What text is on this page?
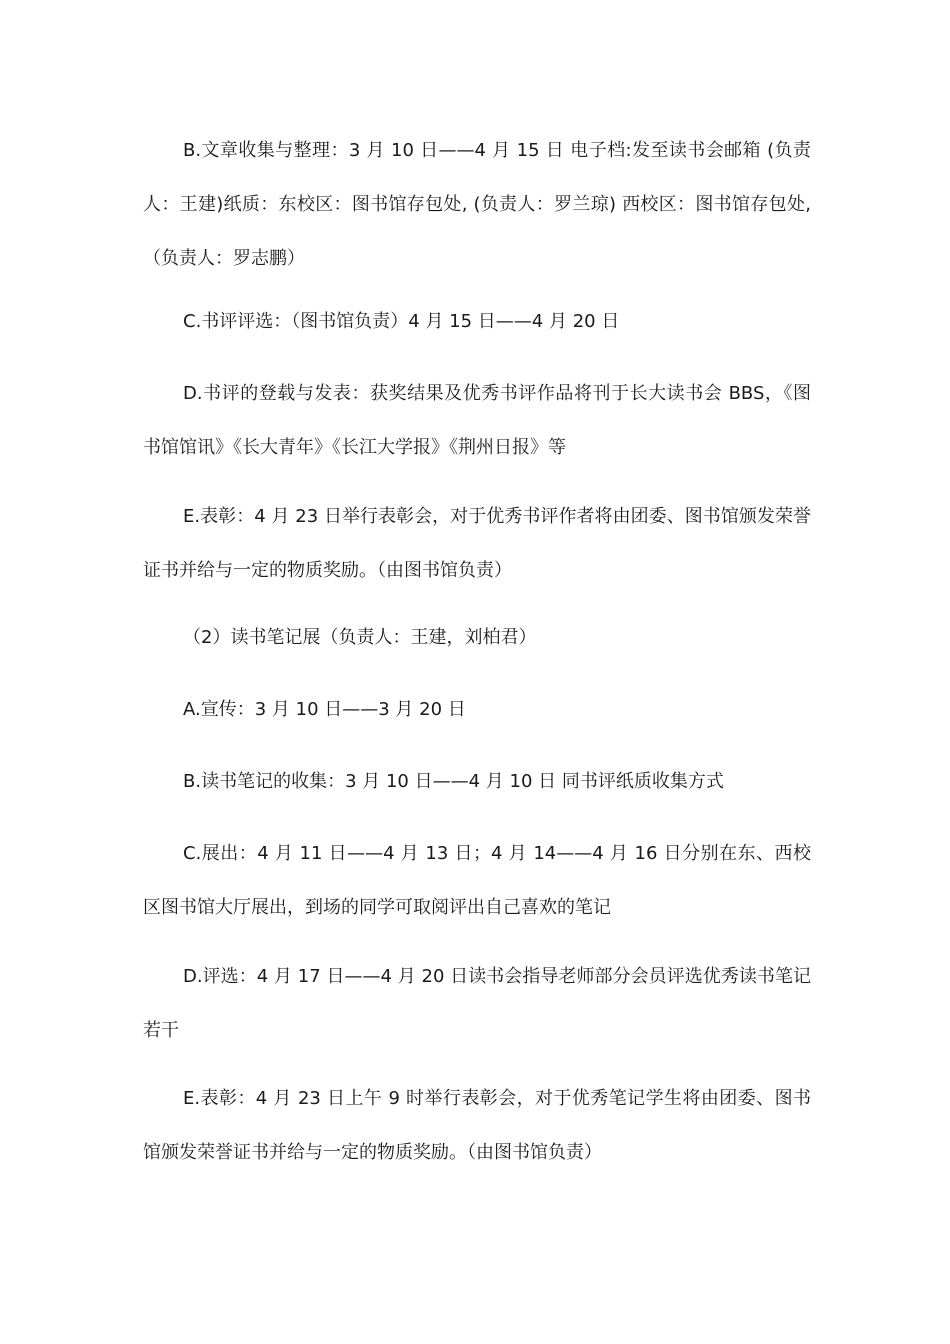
B.文章收集与整理：3 月 10 日——4 月 15 日 电子档:发至读书会邮箱 (负责人：王建)纸质：东校区：图书馆存包处, (负责人：罗兰琼) 西校区：图书馆存包处,（负责人：罗志鹏）

C.书评评选：（图书馆负责）4 月 15 日——4 月 20 日

D.书评的登载与发表：获奖结果及优秀书评作品将刊于长大读书会 BBS，《图书馆馆讯》《长大青年》《长江大学报》《荆州日报》等

E.表彰：4 月 23 日举行表彰会，对于优秀书评作者将由团委、图书馆颁发荣誉证书并给与一定的物质奖励。（由图书馆负责）

（2）读书笔记展（负责人：王建，刘柏君）

A.宣传：3 月 10 日——3 月 20 日

B.读书笔记的收集：3 月 10 日——4 月 10 日 同书评纸质收集方式

C.展出：4 月 11 日——4 月 13 日；4 月 14——4 月 16 日分别在东、西校区图书馆大厅展出，到场的同学可取阅评出自己喜欢的笔记

D.评选：4 月 17 日——4 月 20 日读书会指导老师部分会员评选优秀读书笔记若干

E.表彰：4 月 23 日上午 9 时举行表彰会，对于优秀笔记学生将由团委、图书馆颁发荣誉证书并给与一定的物质奖励。（由图书馆负责）
